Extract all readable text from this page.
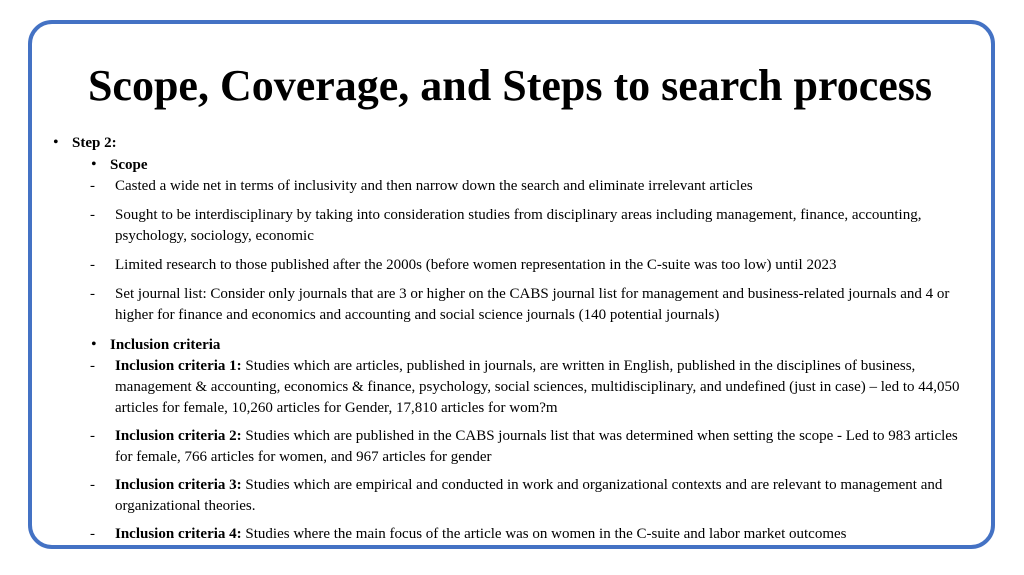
Scope, Coverage, and Steps to search process
• Step 2:
• Scope
- Casted a wide net in terms of inclusivity and then narrow down the search and eliminate irrelevant articles
- Sought to be interdisciplinary by taking into consideration studies from disciplinary areas including management, finance, accounting, psychology, sociology, economic
- Limited research to those published after the 2000s (before women representation in the C-suite was too low) until 2023
- Set journal list: Consider only journals that are 3 or higher on the CABS journal list for management and business-related journals and 4 or higher for finance and economics and accounting and social science journals (140 potential journals)
• Inclusion criteria
- Inclusion criteria 1: Studies which are articles, published in journals, are written in English, published in the disciplines of business, management & accounting, economics & finance, psychology, social sciences, multidisciplinary, and undefined (just in case) – led to 44,050 articles for female, 10,260 articles for Gender, 17,810 articles for wom?m
- Inclusion criteria 2: Studies which are published in the CABS journals list that was determined when setting the scope - Led to 983 articles for female, 766 articles for women, and 967 articles for gender
- Inclusion criteria 3: Studies which are empirical and conducted in work and organizational contexts and are relevant to management and organizational theories.
- Inclusion criteria 4: Studies where the main focus of the article was on women in the C-suite and labor market outcomes
